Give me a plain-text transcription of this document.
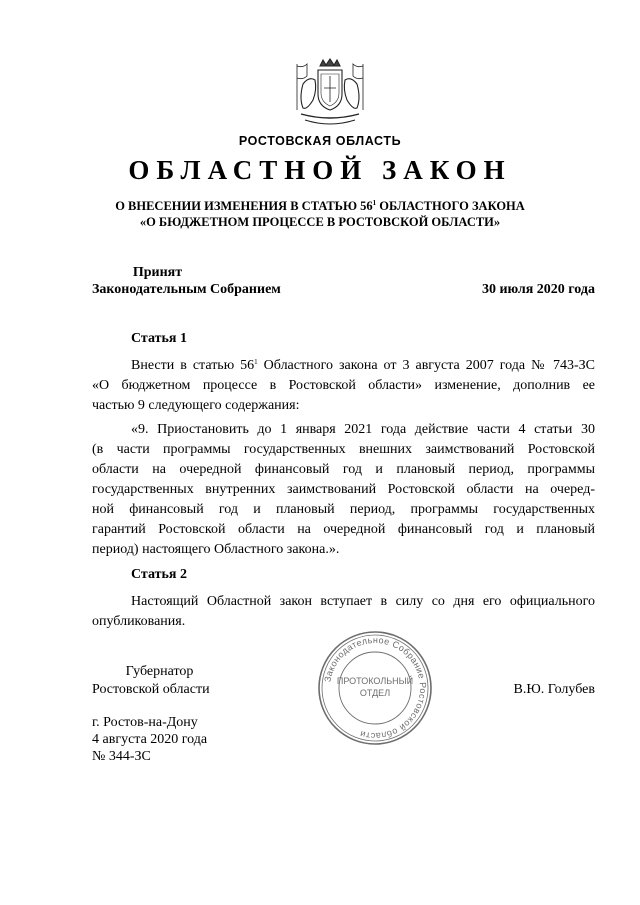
РОСТОВСКАЯ ОБЛАСТЬ
ОБЛАСТНОЙ ЗАКОН
О ВНЕСЕНИИ ИЗМЕНЕНИЯ В СТАТЬЮ $56^1$ ОБЛАСТНОГО ЗАКОНА
«О БЮДЖЕТНОМ ПРОЦЕССЕ В РОСТОВСКОЙ ОБЛАСТИ»
Принят
Законодательным Собранием	30 июля 2020 года
Статья 1
Внести в статью $56^1$ Областного закона от 3 августа 2007 года № 743-ЗС
«О бюджетном процессе в Ростовской области» изменение, дополнив ее
частью 9 следующего содержания:
«9. Приостановить до 1 января 2021 года действие части 4 статьи 30
(в части программы государственных внешних заимствований Ростовской
области на очередной финансовый год и плановый период, программы
государственных внутренних заимствований Ростовской области на очеред-
ной финансовый год и плановый период, программы государственных
гарантий Ростовской области на очередной финансовый год и плановый
период) настоящего Областного закона.».
Статья 2
Настоящий Областной закон вступает в силу со дня его официального
опубликования.
Губернатор
Ростовской области	В.Ю. Голубев
Законодательное Собрание Ростовской области
ПРОТОКОЛЬНЫЙ
ОТДЕЛ
г. Ростов-на-Дону
4 августа 2020 года
№ 344-ЗС
